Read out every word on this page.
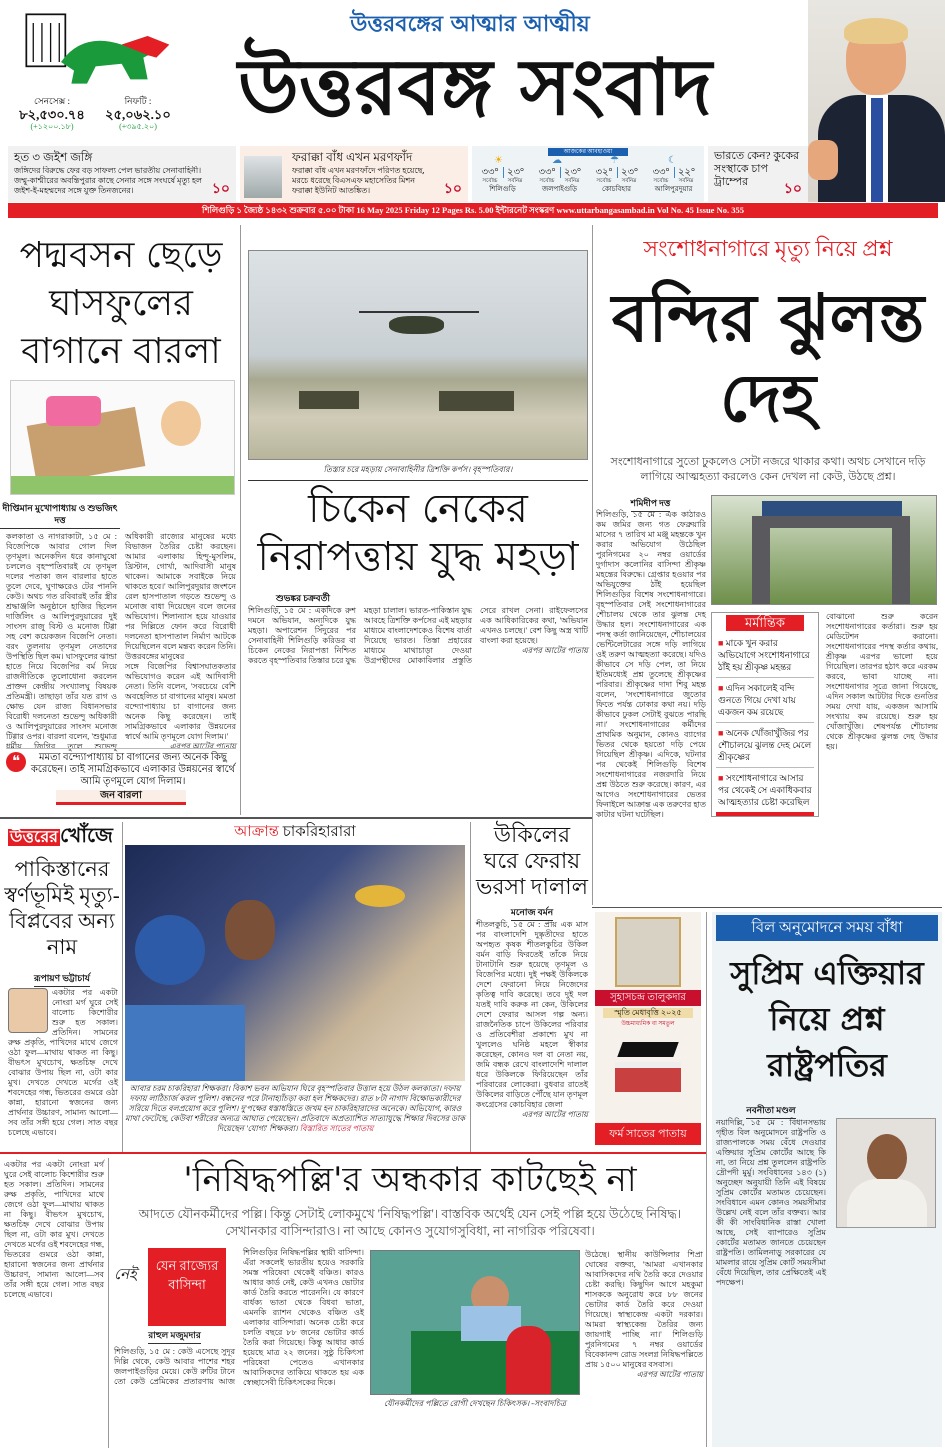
উত্তরবঙ্গের আত্মার আত্মীয়
উত্তরবঙ্গ সংবাদ
সেনসেক্স :
৮২,৫৩০.৭৪
(+১২০০.১৮)
নিফটি :
২৫,০৬২.১০
(+৩৯৫.২০)
হত ৩ জইশ জঙ্গি
জঙ্গিদের বিরুদ্ধে ফের বড় সাফল্য পেল ভারতীয় সেনাবাহিনী। জম্মু-কাশ্মীরের অবন্তিপুরার কাছে সেনার সঙ্গে সংঘর্ষে মৃত্যু হল জইশ-ই-মহম্মদের সঙ্গে যুক্ত তিনজনের।	১০
ফরাক্কা বাঁধ এখন মরণফাঁদ
ফরাক্কা বাঁধ এখন মরণফাঁদে পরিণত হয়েছে, মরচে ধরেছে বিএসএফ মহাসেতির মিশন ফরাক্কা ইউনিট আতঙ্কিত।	১০
আজকের আবহাওয়া
৩৩° ২৩°
সর্বোচ্চ	সর্বনিম্ন
শিলিগুড়ি
৩৩° ২৩°
সর্বোচ্চ	সর্বনিম্ন
জলপাইগুড়ি
৩২° ২৩°
সর্বোচ্চ	সর্বনিম্ন
কোচবিহার
৩৩° ২২°
সর্বোচ্চ	সর্বনিম্ন
আলিপুরদুয়ার
☀	☁	☂	☾	ভারতে কেন? কুকের সংস্থাকে চাপ ট্রাম্পের	১০
শিলিগুড়ি ১ জ্যৈষ্ঠ ১৪৩২ শুক্রবার ৫.০০ টাকা 16 May 2025 Friday 12 Pages Rs. 5.00 ইন্টারনেট সংস্করণ www.uttarbangasambad.in Vol No. 45 Issue No. 355
পদ্মবসন ছেড়ে ঘাসফুলের বাগানে বারলা
দীপ্তিমান মুখোপাধ্যায় ও শুভজিৎ দত্ত

কলকাতা ও নাগরাকাটা, ১৫ মে : বিজেপিকে আবার গোল দিল তৃণমূল। অনেকদিন ধরে কানাঘুষো চললেও বৃহস্পতিবারই যে তৃণমূল দলের পতাকা জন বারলার হাতে তুলে দেবে, ঘুণাক্ষরেও টের পাননি কেউ। অথচ গত রবিবারই তাঁর স্ত্রীর শ্রদ্ধাঞ্জলি অনুষ্ঠানে হাজির ছিলেন দার্জিলিং ও আলিপুরদুয়ারের দুই সাংসদ রাজু বিস্ট ও মনোজ টিগ্গা সহ বেশ কয়েকজন বিজেপি নেতা। বরং তুলনায় তৃণমূল নেতাদের উপস্থিতি ছিল কম। ঘাসফুলের ঝান্ডা হাতে নিয়ে বিজেপির বর্ম নিয়ে রাজনীতিকে তুলোধোনা করলেন প্রাক্তন কেন্দ্রীয় সংখ্যালঘু বিষয়ক প্রতিমন্ত্রী। তাছাড়া তাঁর যত রাগ ও ক্ষোভ যেন রাজ্য বিধানসভার বিরোধী দলনেতা শুভেন্দু অধিকারী ও আলিপুরদুয়ারের সাংসদ মনোজ টিগ্গার ওপর। বারলা বলেন, 'শুধুমাত্র ধর্মীয় জিগির তুলে শুভেন্দু অধিকারী রাজ্যের মানুষের মধ্যে বিভাজন তৈরির চেষ্টা করছেন। আমার এলাকায় হিন্দু-মুসলিম, খ্রিস্টান, গোর্খা, আদিবাসী মানুষ থাকেন। আমাকে সবাইকে নিয়ে থাকতে হবে।' আলিপুরদুয়ার জংশনে রেল হাসপাতাল গড়তে শুভেন্দু ও মনোজ বাধা দিয়েছেন বলে জনের অভিযোগ। শিলান্যাস হয়ে যাওয়ার পর দিল্লিতে ফোন করে বিরোধী দলনেতা হাসপাতাল নির্মাণ আটকে দিয়েছিলেন বলে মন্তব্য করেন তিনি। উত্তরবঙ্গের মানুষের

সঙ্গে বিজেপির বিশ্বাসঘাতকতার অভিযোগও করেন এই আদিবাসী নেতা। তিনি বলেন, 'সবচেয়ে বেশি অবহেলিত চা বাগানের মানুষ। মমতা বন্দ্যোপাধ্যায় চা বাগানের জন্য অনেক কিছু করেছেন। তাই সামগ্রিকভাবে এলাকার উন্নয়নের স্বার্থে আমি তৃণমূলে যোগ দিলাম।'

এরপর আটের পাতায়

❝	মমতা বন্দ্যোপাধ্যায় চা বাগানের জন্য অনেক কিছু করেছেন। তাই সামগ্রিকভাবে এলাকার উন্নয়নের স্বার্থে আমি তৃণমূলে যোগ দিলাম।
জন বারলা
তিস্তার চরে মহড়ায় সেনাবাহিনীর ত্রিশক্তি কর্পস। বৃহস্পতিবার।
চিকেন নেকের নিরাপত্তায় যুদ্ধ মহড়া
শুভঙ্কর চক্রবর্তী

শিলিগুড়ি, ১৫ মে : একদিকে রুশ দমনে অভিযান, অন্যদিকে যুদ্ধ মহড়া। অপারেশন সিঁদুরের পর সেনাবাহিনী শিলিগুড়ি করিডর বা চিকেন নেকের নিরাপত্তা নিশ্চিত করতে বৃহস্পতিবার তিস্তার চরে যুদ্ধ মহড়া চালাল। ভারত-পাকিস্তান যুদ্ধ আবহে ত্রিশক্তি কর্পসের এই মহড়ার মাধ্যমে বাংলাদেশকেও বিশেষ বার্তা দিয়েছে ভারত। তিস্তা প্রহারের মাধ্যমে মাথাচাড়া দেওয়া উগ্রপন্থীদের মোকাবিলার প্রস্তুতি সেরে রাখল সেনা। রাইফেলসের এক আধিকারিকের কথা, 'অভিযান এখনও চলছে।' বেশ কিছু অস্ত্র খাটি বাংলা করা হয়েছে।

এরপর আটের পাতায়

সংশোধনাগারে মৃত্যু নিয়ে প্রশ্ন
বন্দির ঝুলন্ত দেহ
সংশোধনাগারে সুতো ঢুকলেও সেটা নজরে থাকার কথা। অথচ সেখানে দড়ি লাগিয়ে আত্মহত্যা করলেও কেন দেখল না কেউ, উঠছে প্রশ্ন।
শমিদীপ দত্ত
শিলিগুড়ি, ১৫ মে : এক কাঠারও কম জমির জন্য গত ফেব্রুয়ারি মাসের ৭ তারিখ মা মঞ্জু মহন্তকে খুন করার অভিযোগ উঠেছিল পুরনিগমের ২০ নম্বর ওয়ার্ডের দুর্গাদাস কলোনির বাসিন্দা শ্রীকৃষ্ণ মহন্তের বিরুদ্ধে। গ্রেপ্তার হওয়ার পর অভিযুক্তের ঠাঁই হয়েছিল শিলিগুড়ির বিশেষ সংশোধনাগারে। বৃহস্পতিবার সেই সংশোধনাগারের শৌচালয় থেকে তার ঝুলন্ত দেহ উদ্ধার হল। সংশোধনাগারের এক পদস্থ কর্তা জানিয়েছেন, শৌচালয়ের ভেন্টিলেটারের সঙ্গে দড়ি লাগিয়ে ওই তরুণ আত্মহত্যা করেছে। যদিও কীভাবে সে দড়ি পেল, তা নিয়ে ইতিমধ্যেই প্রশ্ন তুলেছে শ্রীকৃষ্ণের পরিবার। শ্রীকৃষ্ণের দাদা শিবু মহন্ত বলেন, 'সংশোধনাগারে জুতোর ফিতে পর্যন্ত ঢোকার কথা নয়। দড়ি কীভাবে ঢুকল সেটাই বুঝতে পারছি না।' সংশোধনাগারের কর্মীদের প্রাথমিক অনুমান, কোনও ব্যাগের ভিতর থেকে হয়তো দড়ি পেয়ে গিয়েছিল শ্রীকৃষ্ণ। এদিকে, ঘটনার পর থেকেই শিলিগুড়ি বিশেষ সংশোধনাগারের নজরদারি নিয়ে প্রশ্ন উঠতে শুরু করেছে। কারণ, এর আগেও সংশোধনাগারের ভেতর ফিনাইলে আক্রান্ত এক তরুণের হাত কাটার ঘটনা ঘটেছিল।
মর্মান্তিক
■ মাকে খুন করার অভিযোগে সংশোধনাগারে ঠাঁই হয় শ্রীকৃষ্ণ মহন্তর
■ এদিন সকালেই বন্দি গুনতে গিয়ে দেখা যায় একজন কম রয়েছে
■ অনেক খোঁজাখুঁজির পর শৌচালয়ে ঝুলন্ত দেহ মেলে শ্রীকৃষ্ণের
■ সংশোধনাগারে আসার পর থেকেই সে একাধিকবার আত্মহত্যার চেষ্টা করেছিল
বোঝানো শুরু করেন সংশোধনাগারের কর্তারা। শুরু হয় মেডিটেশন করানো। সংশোধনাগারের পদস্থ কর্তার কথায়, শ্রীকৃষ্ণ এরপর ভালো হয়ে গিয়েছিল। তারপর হঠাৎ করে এরকম করবে, ভাবা যাচ্ছে না। সংশোধনাগার সূত্রে জানা গিয়েছে, এদিন সকাল আটটার দিকে গুনতির সময় দেখা যায়, একজন আসামি সংখ্যায় কম রয়েছে। শুরু হয় খোঁজাখুঁজি। শেষপর্যন্ত শৌচালয় থেকে শ্রীকৃষ্ণের ঝুলন্ত দেহ উদ্ধার হয়।
উত্তরের খোঁজে
পাকিস্তানের স্বর্ণভূমিই মৃত্যু-বিপ্লবের অন্য নাম
রূপায়ণ ভট্টাচার্য
একটার পর একটা নোংরা মর্গ ঘুরে সেই বালোচ কিশোরীর শুরু হত সকাল। প্রতিদিন। সামনের রুক্ষ প্রকৃতি, পাখিদের মাথে জেগে ওঠা ফুল—মাথায় থাকত না কিছু। বীভৎস মুখচোখ, ক্ষতচিহ্ন দেখে বোঝার উপায় ছিল না, ওটা কার মুখ। দেখতে দেখতে মর্গের ওই শবদেহের গন্ধ, ভিতরের গুমরে ওঠা কান্না, হারানো স্বজনের জন্য প্রার্থনার উচ্চারণ, সামান্য আলো—সব তাঁর সঙ্গী হয়ে গেল। সাত বছর চলেছে এভাবে।
আক্রান্ত চাকরিহারারা
আবার চরম চাকরিহারা শিক্ষকরা। বিকাশ ভবন অভিযান ঘিরে বৃহস্পতিবার উত্তাল হয়ে উঠল কলকাতা। দফায় দফায় লাঠিচার্জ করল পুলিশ। বন্ধনের পরে টানাহ্যাঁচড়া করা হল শিক্ষকদের। রাত ৮টা নাগাদ বিক্ষোভকারীদের সরিয়ে দিতে বলপ্রয়োগ করে পুলিশ। দু'পক্ষের ধস্তাধস্তিতে জখম হন চাকরিহারাদের অনেকে। অভিযোগ, কারও মাথা ফেটেছে, কেউবা শরীরের অন্যত্র আঘাত পেয়েছেন। প্রতিবাদে অপ্রত্যাশিত সাত্যাযুদ্ধে শিক্ষার দিবসের ডাক দিয়েছেন 'যোগ্য' শিক্ষকরা। বিস্তারিত সাতের পাতায়
উকিলের ঘরে ফেরায় ভরসা দালাল
মনোজ বর্মন

শীতলকুচি, ১৫ মে : প্রায় এক মাস পর বাংলাদেশি দুষ্কৃতীদের হাতে অপহৃত কৃষক শীতলকুচির উকিল বর্মন বাড়ি ফিরতেই তাঁকে নিয়ে টানাটানি শুরু হয়েছে তৃণমূল ও বিজেপির মধ্যে। দুই পক্ষই উকিলকে দেশে ফেরানো নিয়ে নিজেদের কৃতিত্ব দাবি করেছে। তবে দুই দল যতই দাবি করুক না কেন, উকিলের দেশে ফেরার আসল গল্প অন্য। রাজনৈতিক চাপে উকিলের পরিবার ও প্রতিবেশীরা প্রকাশ্যে মুখ না খুললেও ঘনিষ্ঠ মহলে স্বীকার করেছেন, কোনও দল বা নেতা নয়, জমি বন্ধক রেখে বাংলাদেশি দালাল ধরে উকিলকে ফিরিয়েছেন তাঁর পরিবারের লোকেরা। বুধবার রাতেই উকিলের বাড়িতে পৌঁছে যান তৃণমূল কংগ্রেসের কোচবিহার জেলা

এরপর আটের পাতায়

সুহাসচন্দ্র তালুকদার
স্মৃতি মেধাবৃত্তি ২০২৫
উচ্চমাধ্যমিক বা সমতুল
ফর্ম সাতের পাতায়
বিল অনুমোদনে সময় বাঁধা
সুপ্রিম এক্তিয়ার নিয়ে প্রশ্ন রাষ্ট্রপতির
নবনীতা মণ্ডল
নয়াদিল্লি, ১৫ মে : বিধানসভায় গৃহীত বিল অনুমোদনে রাষ্ট্রপতি ও রাজ্যপালকে সময় বেঁধে দেওয়ার এক্তিয়ার সুপ্রিম কোর্টের আছে কি না, তা নিয়ে প্রশ্ন তুললেন রাষ্ট্রপতি দ্রৌপদী মুর্মু। সংবিধানের ১৪৩ (১) অনুচ্ছেদ অনুযায়ী তিনি এই বিষয়ে সুপ্রিম কোর্টের মতামত চেয়েছেন। সংবিধানে এমন কোনও সময়সীমার উল্লেখ নেই বলে তাঁর বক্তব্য। আর কী কী সাংবিধানিক রাস্তা খোলা আছে, সেই ব্যাপারেও সুপ্রিম কোর্টের মতামত জানতে চেয়েছেন রাষ্ট্রপতি। তামিলনাড়ু সরকারের যে মামলার রায়ে সুপ্রিম কোর্ট সময়সীমা বেঁধে দিয়েছিল, তার প্রেক্ষিতেই এই পদক্ষেপ।
একটার পর একটা নোংরা মর্গ ঘুরে সেই বালোচ কিশোরীর শুরু হত সকাল। প্রতিদিন। সামনের রুক্ষ প্রকৃতি, পাখিদের মাথে জেগে ওঠা ফুল—মাথায় থাকত না কিছু। বীভৎস মুখচোখ, ক্ষতচিহ্ন দেখে বোঝার উপায় ছিল না, ওটা কার মুখ। দেখতে দেখতে মর্গের ওই শবদেহের গন্ধ, ভিতরের গুমরে ওঠা কান্না, হারানো স্বজনের জন্য প্রার্থনার উচ্চারণ, সামান্য আলো—সব তাঁর সঙ্গী হয়ে গেল। সাত বছর চলেছে এভাবে।
'নিষিদ্ধপল্লি'র অন্ধকার কাটছেই না
আদতে যৌনকর্মীদের পল্লি। কিন্তু সেটাই লোকমুখে 'নিষিদ্ধপল্লি'। বাস্তবিক অর্থেই যেন সেই পল্লি হয়ে উঠেছে নিষিদ্ধ। সেখানকার বাসিন্দারাও। না আছে কোনও সুযোগসুবিধা, না নাগরিক পরিষেবা।
নেই
যেন রাজ্যের বাসিন্দা
রাহুল মজুমদার

শিলিগুড়ি, ১৫ মে : কেউ এসেছে সুদূর দিল্লি থেকে, কেউ আবার পাশের শহর জলপাইগুড়ির মেয়ে। কেউ রুটির টানে তো কেউ প্রেমিকের প্রতারণায় আজ শিলিগুড়ির নিষিদ্ধপল্লির স্থায়ী বাসিন্দা। এঁরা সকলেই ভারতীয় হয়েও সরকারি সমস্ত পরিষেবা থেকেই বঞ্চিত। কারও আধার কার্ড নেই, কেউ এখনও ভোটার কার্ড তৈরি করতে পারেননি। যে কারণে বার্ধক্য ভাতা থেকে বিধবা ভাতা, এমনকি র‍্যাশন থেকেও বঞ্চিত ওই এলাকার বাসিন্দারা। অনেক চেষ্টা করে চলতি বছরে ৮৮ জনের ভোটার কার্ড তৈরি করা গিয়েছে। কিন্তু আধার কার্ড হয়েছে মাত্র ২২ জনের। সুষ্ঠু চিকিৎসা পরিষেবা পেতেও এখানকার আবাসিকদের তাকিয়ে থাকতে হয় এক স্বেচ্ছাসেবী চিকিৎসকের দিকে।

যৌনকর্মীদের পল্লিতে রোগী দেখছেন চিকিৎসক। -সংবাদচিত্র

উঠেছে। স্থানীয় কাউন্সিলার শিপ্রা ঘোষের বক্তব্য, 'আমরা এখানকার আবাসিকদের নথি তৈরি করে দেওয়ার চেষ্টা করছি। কিছুদিন আগে মহকুমা শাসককে অনুরোধ করে ৮৮ জনের ভোটার কার্ড তৈরি করে দেওয়া গিয়েছে। স্বাস্থ্যকেন্দ্র একটা দরকার। আমরা স্বাস্থ্যকেন্দ্র তৈরির জন্য জায়গাই পাচ্ছি না।' শিলিগুড়ি পুরনিগমের ৭ নম্বর ওয়ার্ডের বিবেকানন্দ রোড সংলগ্ন নিষিদ্ধপল্লিতে প্রায় ১৫০০ মানুষের বসবাস।

এরপর আটের পাতায়
